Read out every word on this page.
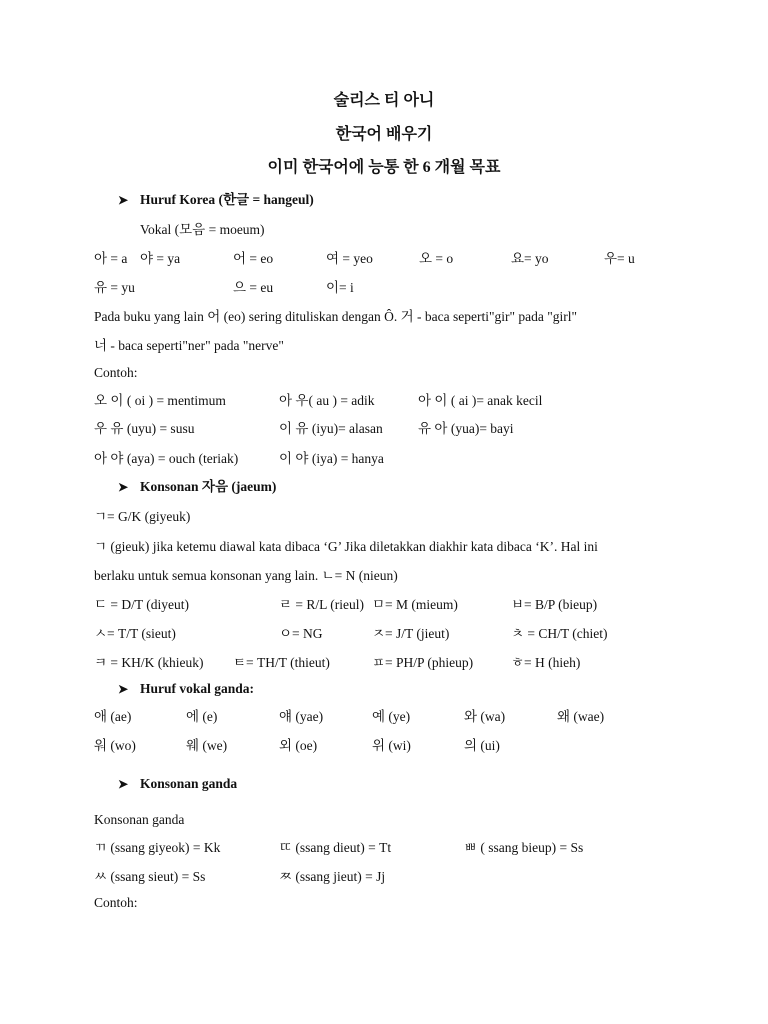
술리스 티 아니
한국어 배우기
이미 한국어에 능통 한 6 개월 목표
➤ Huruf Korea (한글 = hangeul)
Vokal (모음 = moeum)
아 = a 야 = ya	어 = eo	여 = yeo	오 = o	요= yo	우= u
유 = yu	으 = eu	이= i
Pada buku yang lain 어 (eo) sering dituliskan dengan Ô. 거 - baca seperti"gir" pada "girl"
너 - baca seperti"ner" pada "nerve"
Contoh:
오 이 ( oi ) = mentimum	아 우( au ) = adik	아 이 ( ai )= anak kecil
우 유 (uyu) = susu	이 유 (iyu)= alasan	유 아 (yua)= bayi
아 야 (aya) = ouch (teriak)	이 야 (iya) = hanya
➤ Konsonan 자음 (jaeum)
ㄱ= G/K (giyeuk)
ㄱ (gieuk) jika ketemu diawal kata dibaca ‘G’ Jika diletakkan diakhir kata dibaca ‘K’. Hal ini
berlaku untuk semua konsonan yang lain. ㄴ= N (nieun)
ㄷ = D/T (diyeut)	ㄹ = R/L (rieul) ㅁ= M (mieum)	ㅂ= B/P (bieup)
ㅅ= T/T (sieut)	ㅇ= NG	ㅈ= J/T (jieut)	ㅊ = CH/T (chiet)
ㅋ = KH/K (khieuk) ㅌ= TH/T (thieut)	ㅍ= PH/P (phieup)	ㅎ= H (hieh)
➤ Huruf vokal ganda:
애 (ae)	에 (e)	얘 (yae)	예 (ye)	와 (wa)	왜 (wae)
워 (wo)	웨 (we)	외 (oe)	위 (wi)	의 (ui)
➤ Konsonan ganda
Konsonan ganda
ㄲ (ssang giyeok) = Kk	ㄸ (ssang dieut) = Tt	ㅃ ( ssang bieup) = Ss
ㅆ (ssang sieut) = Ss	ㅉ (ssang jieut) = Jj
Contoh:
